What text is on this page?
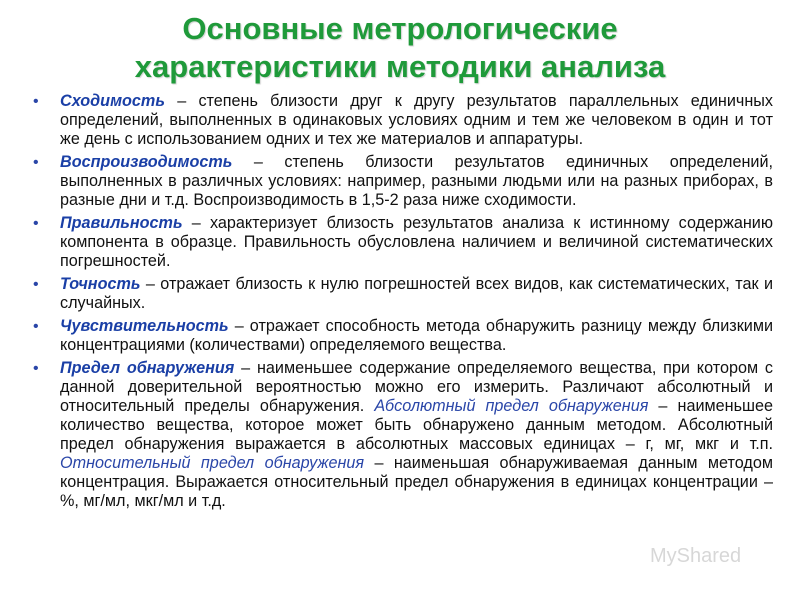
Основные метрологические
характеристики методики анализа
• Сходимость – степень близости друг к другу результатов параллельных единичных определений, выполненных в одинаковых условиях одним и тем же человеком в один и тот же день с использованием одних и тех же материалов и аппаратуры.
• Воспроизводимость – степень близости результатов единичных определений, выполненных в различных условиях: например, разными людьми или на разных приборах, в разные дни и т.д. Воспроизводимость в 1,5-2 раза ниже сходимости.
• Правильность – характеризует близость результатов анализа к истинному содержанию компонента в образце. Правильность обусловлена наличием и величиной систематических погрешностей.
• Точность – отражает близость к нулю погрешностей всех видов, как систематических, так и случайных.
• Чувствительность – отражает способность метода обнаружить разницу между близкими концентрациями (количествами) определяемого вещества.
• Предел обнаружения – наименьшее содержание определяемого вещества, при котором с данной доверительной вероятностью можно его измерить. Различают абсолютный и относительный пределы обнаружения. Абсолютный предел обнаружения – наименьшее количество вещества, которое может быть обнаружено данным методом. Абсолютный предел обнаружения выражается в абсолютных массовых единицах – г, мг, мкг и т.п. Относительный предел обнаружения – наименьшая обнаруживаемая данным методом концентрация. Выражается относительный предел обнаружения в единицах концентрации – %, мг/мл, мкг/мл и т.д.
MyShared
